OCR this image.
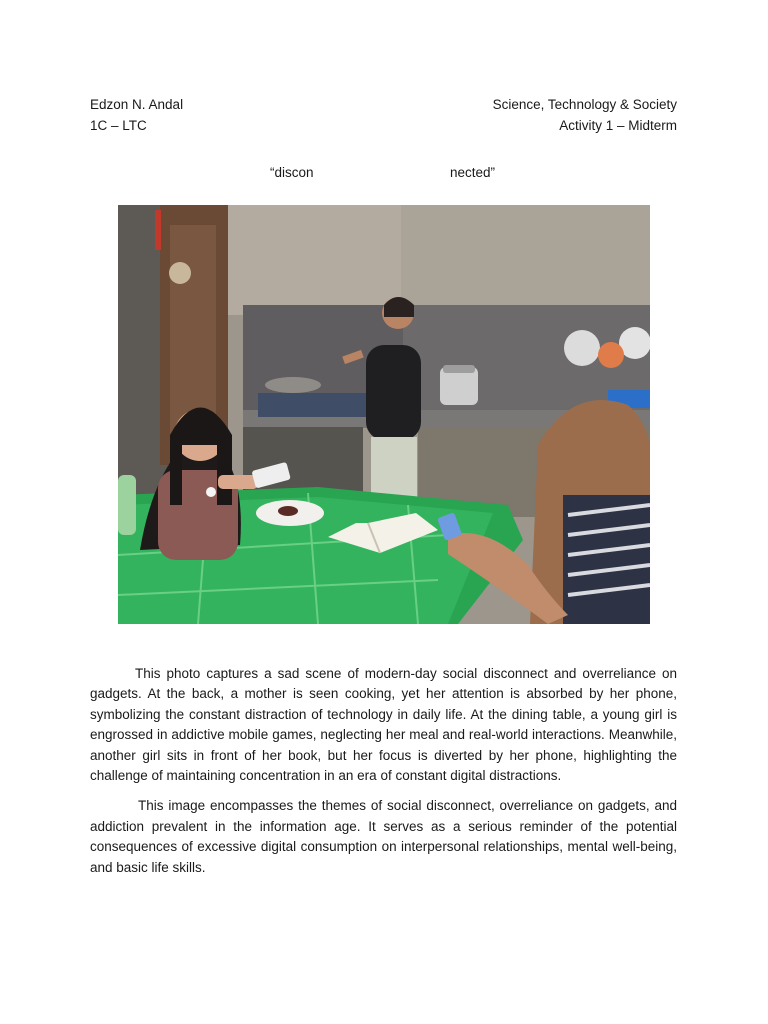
Edzon N. Andal
1C – LTC
Science, Technology & Society
Activity 1 – Midterm
“discon	nected”

This photo captures a sad scene of modern-day social disconnect and overreliance on gadgets. At the back, a mother is seen cooking, yet her attention is absorbed by her phone, symbolizing the constant distraction of technology in daily life. At the dining table, a young girl is engrossed in addictive mobile games, neglecting her meal and real-world interactions. Meanwhile, another girl sits in front of her book, but her focus is diverted by her phone, highlighting the challenge of maintaining concentration in an era of constant digital distractions.

This image encompasses the themes of social disconnect, overreliance on gadgets, and addiction prevalent in the information age. It serves as a serious reminder of the potential consequences of excessive digital consumption on interpersonal relationships, mental well-being, and basic life skills.
